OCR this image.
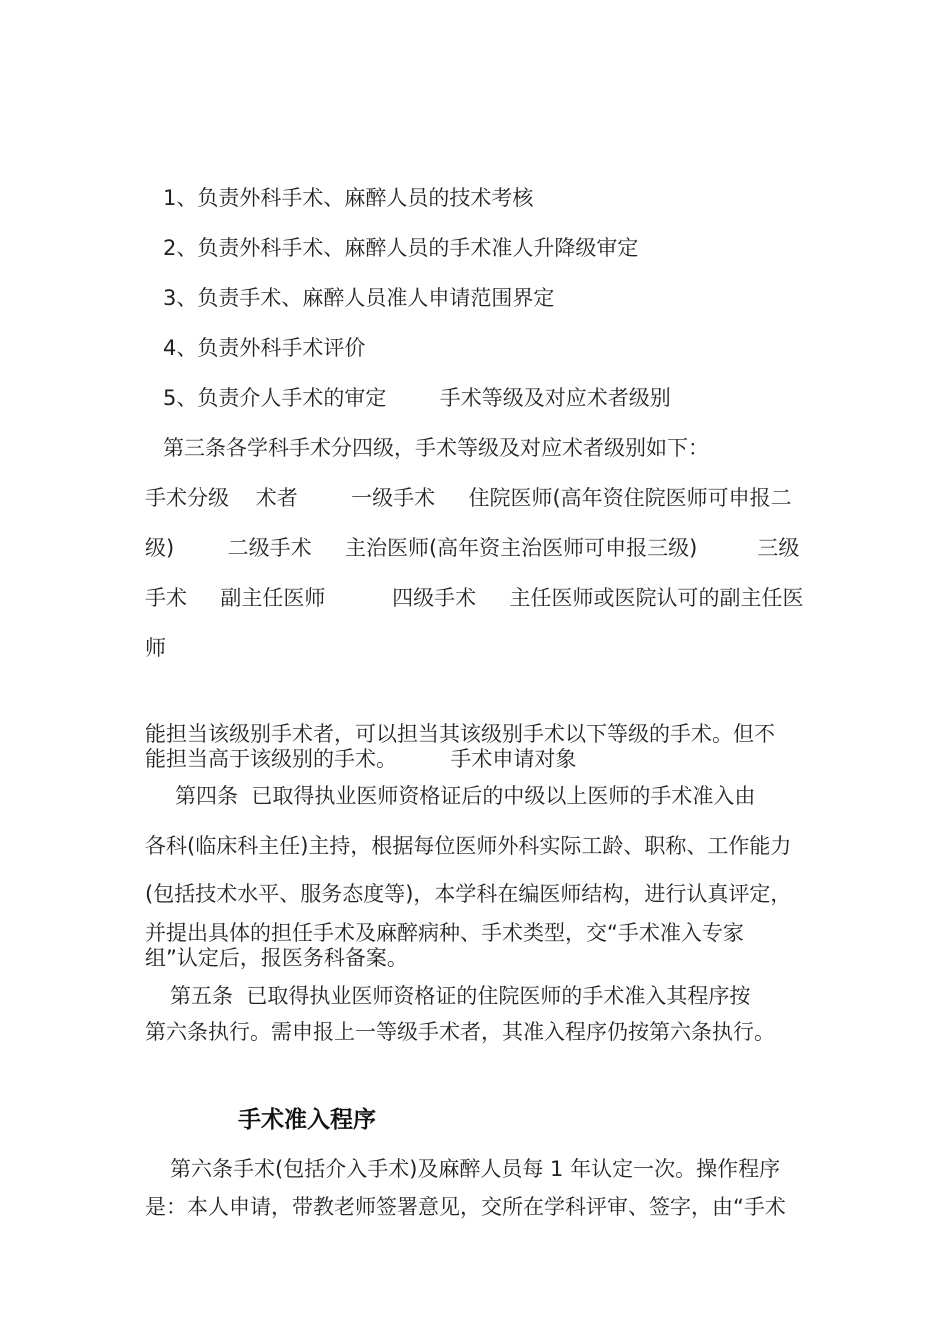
1、负责外科手术、麻醉人员的技术考核
2、负责外科手术、麻醉人员的手术准人升降级审定
3、负责手术、麻醉人员准人申请范围界定
4、负责外科手术评价
5、负责介人手术的审定        手术等级及对应术者级别
第三条各学科手术分四级，手术等级及对应术者级别如下：
手术分级    术者        一级手术     住院医师(高年资住院医师可申报二
级)        二级手术     主治医师(高年资主治医师可申报三级)         三级
手术     副主任医师          四级手术     主任医师或医院认可的副主任医
师
能担当该级别手术者，可以担当其该级别手术以下等级的手术。但不
能担当高于该级别的手术。        手术申请对象
第四条  已取得执业医师资格证后的中级以上医师的手术准入由
各科(临床科主任)主持，根据每位医师外科实际工龄、职称、工作能力
(包括技术水平、服务态度等)，本学科在编医师结构，进行认真评定，
并提出具体的担任手术及麻醉病种、手术类型，交“手术准入专家
组”认定后，报医务科备案。
第五条  已取得执业医师资格证的住院医师的手术准入其程序按
第六条执行。需申报上一等级手术者，其准入程序仍按第六条执行。
手术准入程序
第六条手术(包括介入手术)及麻醉人员每 1 年认定一次。操作程序
是：本人申请，带教老师签署意见，交所在学科评审、签字，由“手术
